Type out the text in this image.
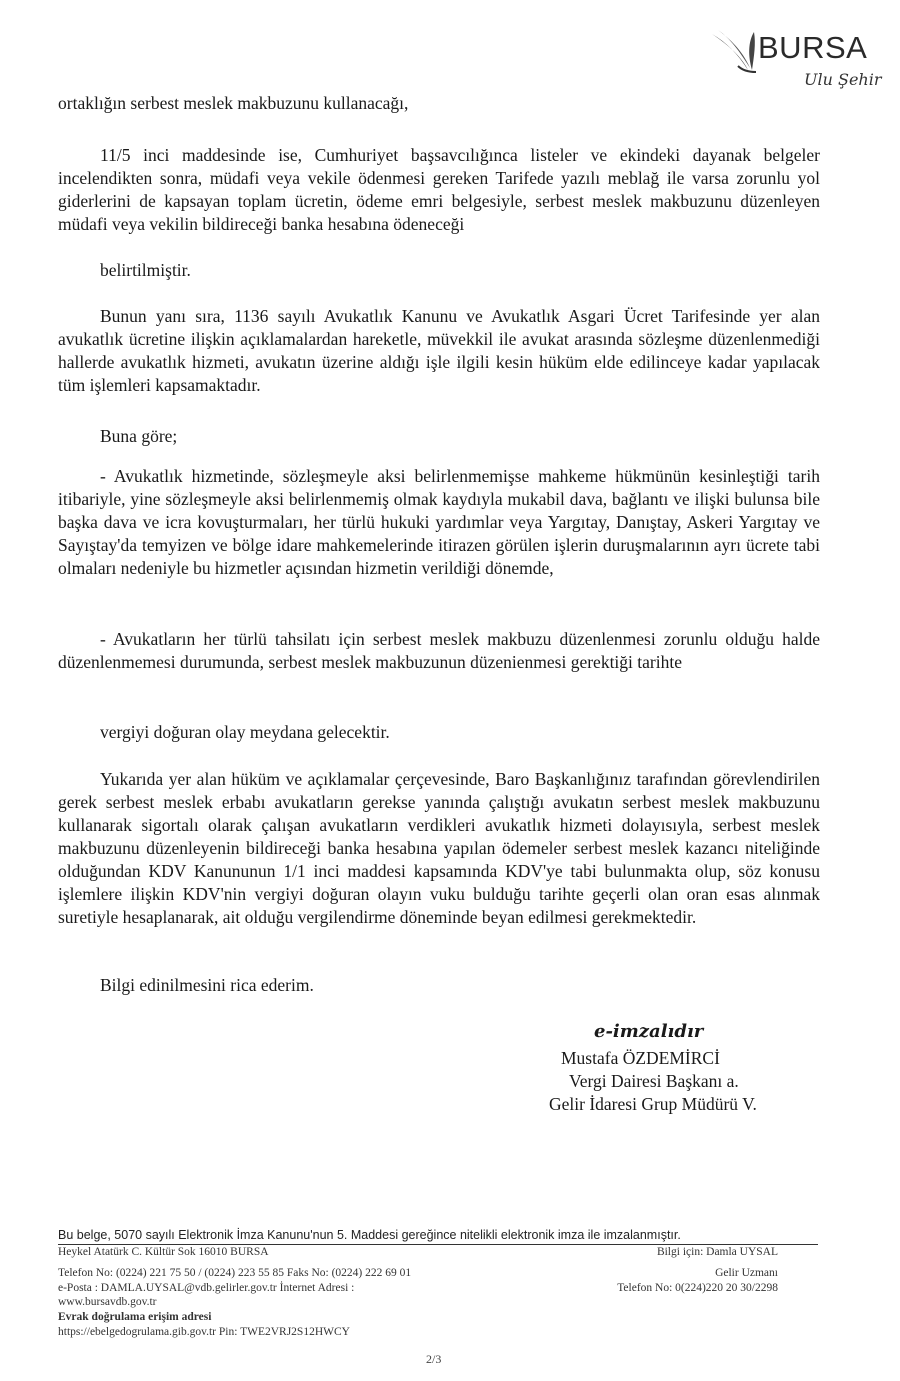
BURSA
Ulu Şehir

ortaklığın serbest meslek makbuzunu kullanacağı,

11/5 inci maddesinde ise, Cumhuriyet başsavcılığınca listeler ve ekindeki dayanak belgeler incelendikten sonra, müdafi veya vekile ödenmesi gereken Tarifede yazılı meblağ ile varsa zorunlu yol giderlerini de kapsayan toplam ücretin, ödeme emri belgesiyle, serbest meslek makbuzunu düzenleyen müdafi veya vekilin bildireceği banka hesabına ödeneceği

belirtilmiştir.

Bunun yanı sıra, 1136 sayılı Avukatlık Kanunu ve Avukatlık Asgari Ücret Tarifesinde yer alan avukatlık ücretine ilişkin açıklamalardan hareketle, müvekkil ile avukat arasında sözleşme düzenlenmediği hallerde avukatlık hizmeti, avukatın üzerine aldığı işle ilgili kesin hüküm elde edilinceye kadar yapılacak tüm işlemleri kapsamaktadır.

Buna göre;

- Avukatlık hizmetinde, sözleşmeyle aksi belirlenmemişse mahkeme hükmünün kesinleştiği tarih itibariyle, yine sözleşmeyle aksi belirlenmemiş olmak kaydıyla mukabil dava, bağlantı ve ilişki bulunsa bile başka dava ve icra kovuşturmaları, her türlü hukuki yardımlar veya Yargıtay, Danıştay, Askeri Yargıtay ve Sayıştay'da temyizen ve bölge idare mahkemelerinde itirazen görülen işlerin duruşmalarının ayrı ücrete tabi olmaları nedeniyle bu hizmetler açısından hizmetin verildiği dönemde,

- Avukatların her türlü tahsilatı için serbest meslek makbuzu düzenlenmesi zorunlu olduğu halde düzenlenmemesi durumunda, serbest meslek makbuzunun düzenienmesi gerektiği tarihte

vergiyi doğuran olay meydana gelecektir.

Yukarıda yer alan hüküm ve açıklamalar çerçevesinde, Baro Başkanlığınız tarafından görevlendirilen gerek serbest meslek erbabı avukatların gerekse yanında çalıştığı avukatın serbest meslek makbuzunu kullanarak sigortalı olarak çalışan avukatların verdikleri avukatlık hizmeti dolayısıyla, serbest meslek makbuzunu düzenleyenin bildireceği banka hesabına yapılan ödemeler serbest meslek kazancı niteliğinde olduğundan KDV Kanununun 1/1 inci maddesi kapsamında KDV'ye tabi bulunmakta olup, söz konusu işlemlere ilişkin KDV'nin vergiyi doğuran olayın vuku bulduğu tarihte geçerli olan oran esas alınmak suretiyle hesaplanarak, ait olduğu vergilendirme döneminde beyan edilmesi gerekmektedir.

Bilgi edinilmesini rica ederim.

e-imzalıdır
Mustafa ÖZDEMİRCİ
Vergi Dairesi Başkanı a.
Gelir İdaresi Grup Müdürü V.
Bu belge, 5070 sayılı Elektronik İmza Kanunu'nun 5. Maddesi gereğince nitelikli elektronik imza ile imzalanmıştır.
Heykel Atatürk C. Kültür Sok 16010 BURSA
Telefon No: (0224) 221 75 50 / (0224) 223 55 85 Faks No: (0224) 222 69 01
e-Posta : DAMLA.UYSAL@vdb.gelirler.gov.tr İnternet Adresi :
www.bursavdb.gov.tr
Evrak doğrulama erişim adresi
https://ebelgedogrulama.gib.gov.tr Pin: TWE2VRJ2S12HWCY
Bilgi için: Damla UYSAL
Gelir Uzmanı
Telefon No: 0(224)220 20 30/2298
2/3
